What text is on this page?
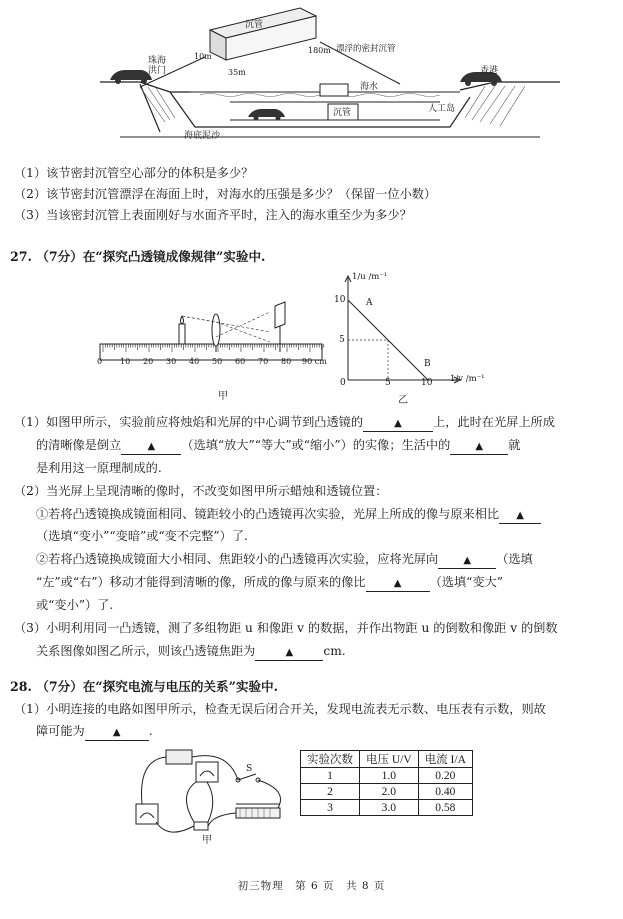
珠海
洪门	香港
沉管
10m
180m
35m
漂浮的密封沉管
海水
沉管	人工岛
海底泥沙
（1）该节密封沉管空心部分的体积是多少？
（2）该节密封沉管漂浮在海面上时，对海水的压强是多少？（保留一位小数）
（3）当该密封沉管上表面刚好与水面齐平时，注入的海水重至少为多少？
27. （7分）在“探究凸透镜成像规律”实验中.
0 10 20 30 40 50 60 70 80 90 cm
甲
1/u /m⁻¹
1/v /m⁻¹
0
10
5
5	10
A
B
乙
（1）如图甲所示，实验前应将烛焰和光屏的中心调节到凸透镜的	▲	上，此时在光屏上所成
的清晰像是倒立	▲ （选填“放大”“等大”或“缩小”）的实像；生活中的	▲ 就
是利用这一原理制成的.
（2）当光屏上呈现清晰的像时，不改变如图甲所示蜡烛和透镜位置：
①若将凸透镜换成镜面相同、镜距较小的凸透镜再次实验，光屏上所成的像与原来相比 ▲
（选填“变小”“变暗”或“变不完整”）了.
②若将凸透镜换成镜面大小相同、焦距较小的凸透镜再次实验，应将光屏向	▲ （选填
“左”或“右”）移动才能得到清晰的像，所成的像与原来的像比	▲ （选填“变大”
或“变小”）了.
（3）小明利用同一凸透镜，测了多组物距 u 和像距 v 的数据，并作出物距 u 的倒数和像距 v 的倒数
关系图像如图乙所示，则该凸透镜焦距为	▲ cm.
28. （7分）在“探究电流与电压的关系”实验中.
（1）小明连接的电路如图甲所示，检查无误后闭合开关，发现电流表无示数、电压表有示数，则故
障可能为	▲ .
S
甲
实验次数	电压 U/V	电流 I/A
1	1.0	0.20
2	2.0	0.40
3	3.0	0.58
初三物理　第 6 页　共 8 页
